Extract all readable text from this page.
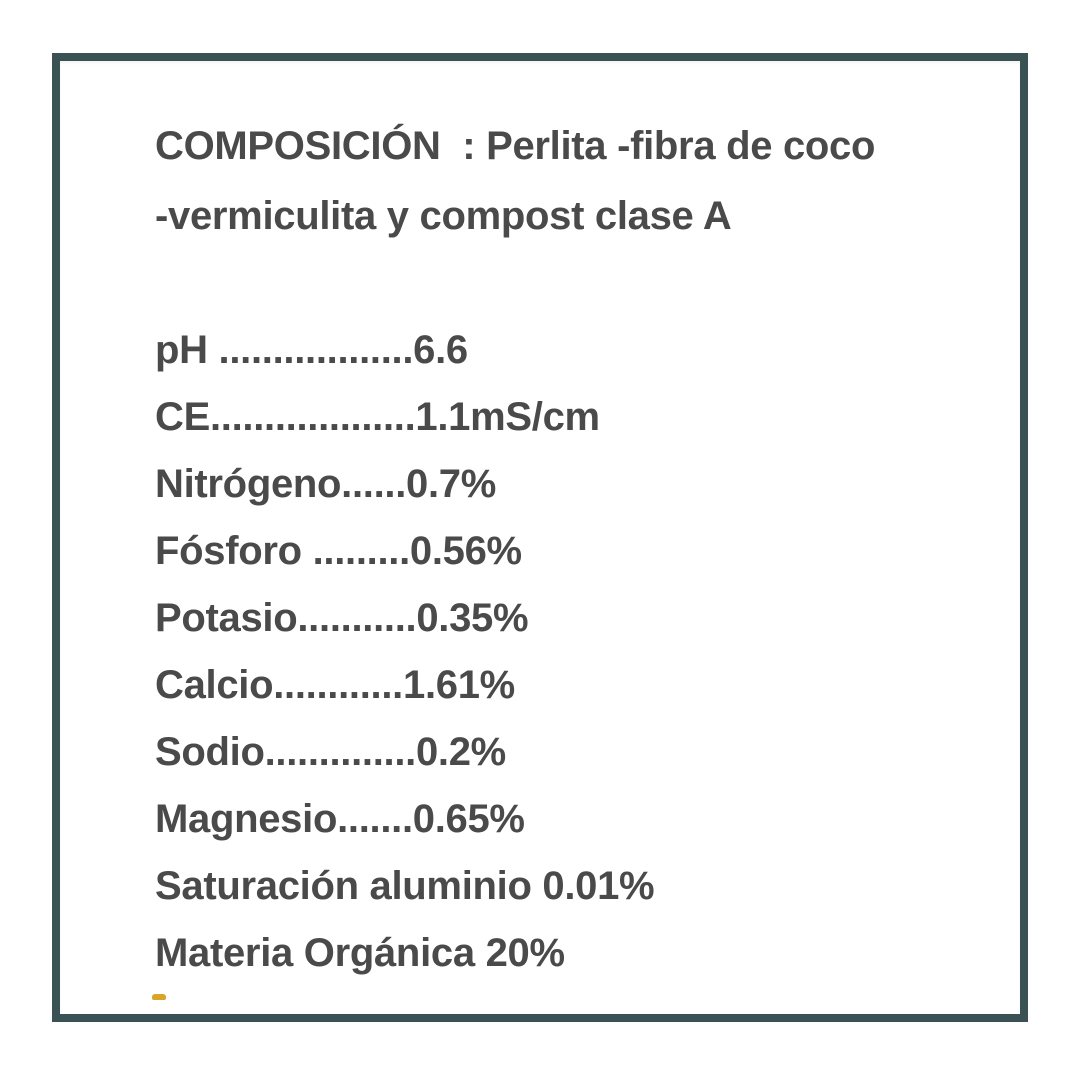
COMPOSICIÓN  : Perlita -fibra de coco
-vermiculita y compost clase A
pH ..................6.6
CE...................1.1mS/cm
Nitrógeno......0.7%
Fósforo .........0.56%
Potasio...........0.35%
Calcio............1.61%
Sodio..............0.2%
Magnesio.......0.65%
Saturación aluminio 0.01%
Materia Orgánica 20%
